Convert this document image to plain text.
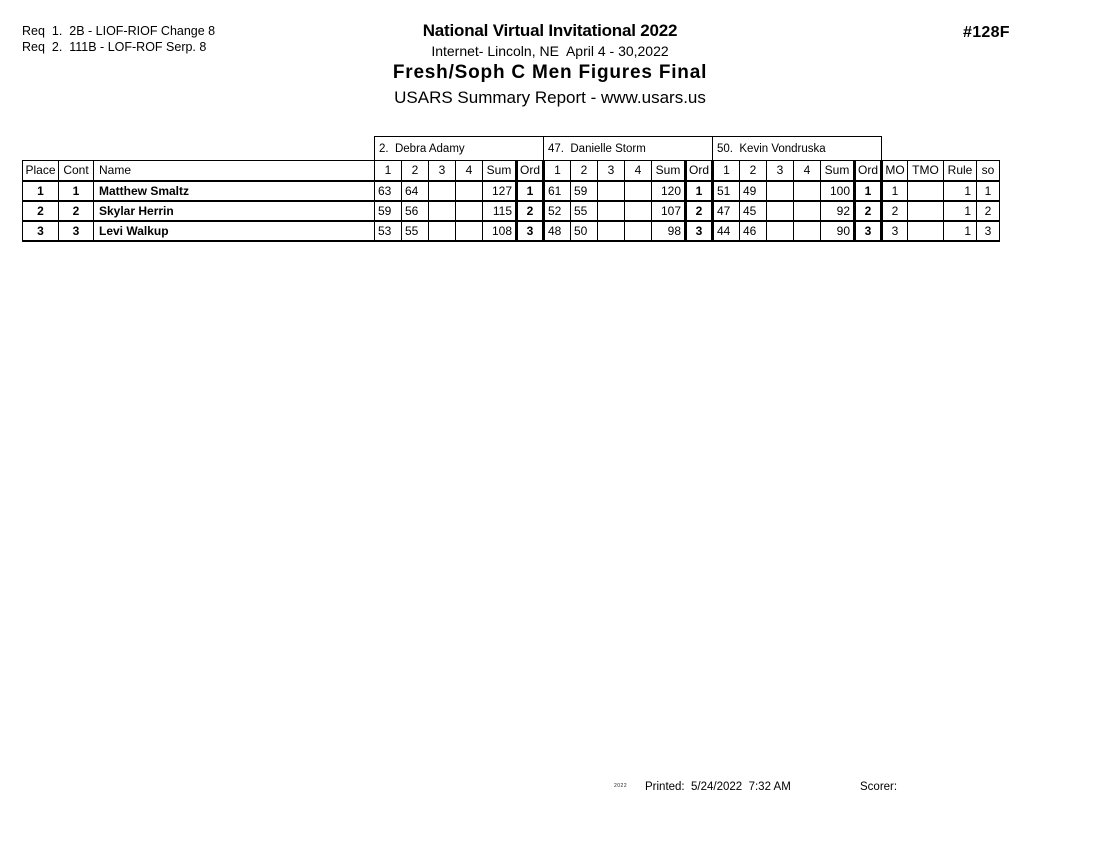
Req  1.  2B - LIOF-RIOF Change 8
Req  2.  111B - LOF-ROF Serp. 8
National Virtual Invitational 2022
Internet- Lincoln, NE  April 4 - 30,2022
Fresh/Soph C Men Figures Final
USARS Summary Report - www.usars.us
#128F
			2.  Debra Adamy						47.  Danielle Storm						50.  Kevin Vondruska									
Place	Cont	Name	1	2	3	4	Sum	Ord	1	2	3	4	Sum	Ord	1	2	3	4	Sum	Ord	MO	TMO	Rule	so
1	1	Matthew Smaltz	63	64			127	1	61	59			120	1	51	49			100	1	1		1	1
2	2	Skylar Herrin	59	56			115	2	52	55			107	2	47	45			92	2	2		1	2
3	3	Levi Walkup	53	55			108	3	48	50			98	3	44	46			90	3	3		1	3
2022 Printed:  5/24/2022  7:32 AM	Scorer:
